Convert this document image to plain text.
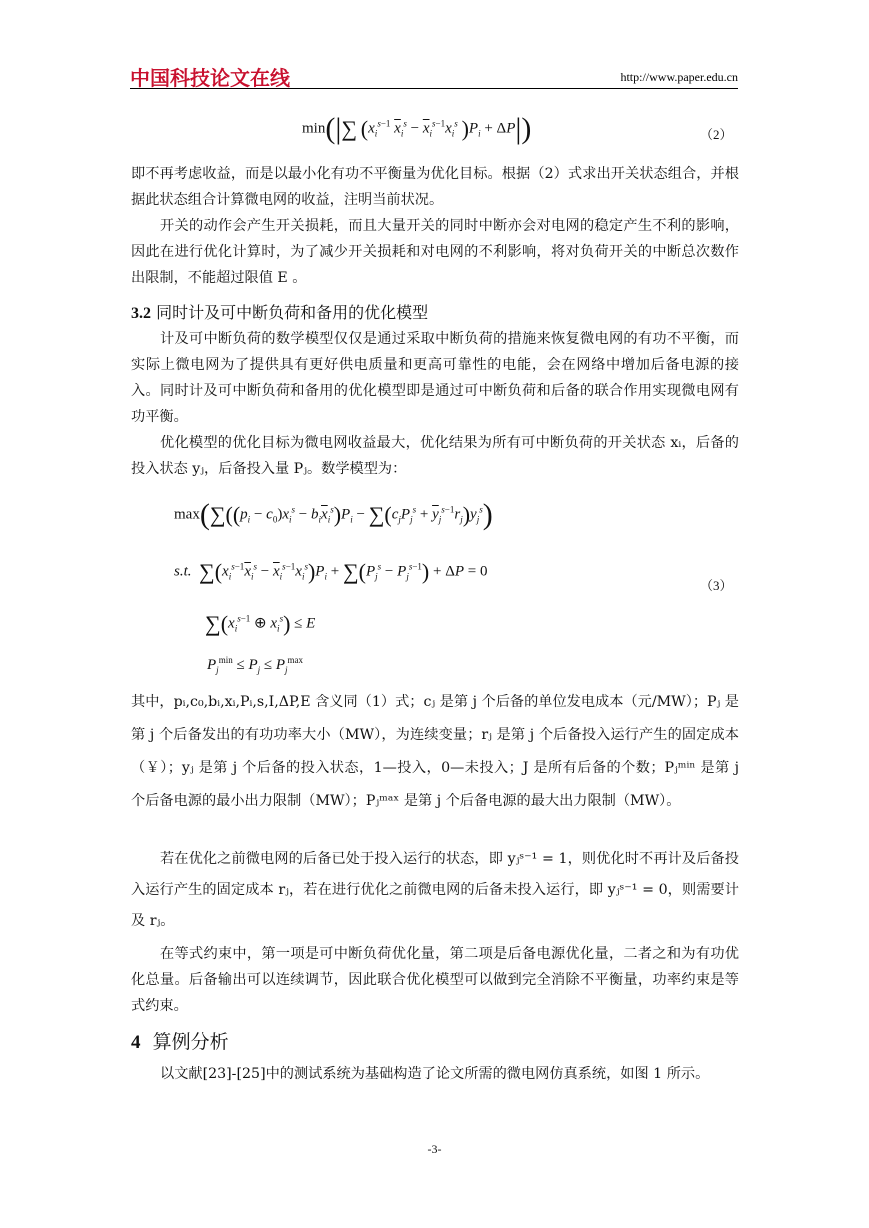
中国科技论文在线	http://www.paper.edu.cn
min(|∑ ($x_i^{s-1}$ $\overline{x}_i^s - \overline{x}_i^{s-1}x_i^s$ )$P_i + \Delta P|$)	（2）
即不再考虑收益，而是以最小化有功不平衡量为优化目标。根据（2）式求出开关状态组合，并根据此状态组合计算微电网的收益，注明当前状况。
开关的动作会产生开关损耗，而且大量开关的同时中断亦会对电网的稳定产生不利的影响，因此在进行优化计算时，为了减少开关损耗和对电网的不利影响，将对负荷开关的中断总次数作出限制，不能超过限值 E 。
3.2 同时计及可中断负荷和备用的优化模型
计及可中断负荷的数学模型仅仅是通过采取中断负荷的措施来恢复微电网的有功不平衡，而实际上微电网为了提供具有更好供电质量和更高可靠性的电能，会在网络中增加后备电源的接入。同时计及可中断负荷和备用的优化模型即是通过可中断负荷和后备的联合作用实现微电网有功平衡。
优化模型的优化目标为微电网收益最大，优化结果为所有可中断负荷的开关状态 xᵢ，后备的投入状态 yⱼ，后备投入量 Pⱼ。数学模型为：
$\max(\sum((p_i - c_0)x_i^s - b_i\overline{x}_i^s)P_i - \sum(c_jP_j^s + \overline{y}_j^{s-1}r_j)y_j^s)$
s.t. $\sum(x_i^{s-1}\overline{x}_i^s - \overline{x}_i^{s-1}x_i^s)P_i + \sum(P_j^s - P_j^{s-1}) + \Delta P = 0$
（3）
$\sum(x_i^{s-1}$ ⊕ $x_i^s) \le E$
$P_j^{min} \le P_j \le P_j^{max}$
其中，pᵢ,c₀,bᵢ,xᵢ,Pᵢ,s,I,ΔP,E 含义同（1）式；cⱼ 是第 j 个后备的单位发电成本（元/MW）；Pⱼ 是第 j 个后备发出的有功功率大小（MW），为连续变量；rⱼ 是第 j 个后备投入运行产生的固定成本（￥）；yⱼ 是第 j 个后备的投入状态，1—投入，0—未投入；J 是所有后备的个数；Pⱼᵐⁱⁿ 是第 j 个后备电源的最小出力限制（MW）；Pⱼᵐᵃˣ 是第 j 个后备电源的最大出力限制（MW）。
若在优化之前微电网的后备已处于投入运行的状态，即 yⱼˢ⁻¹ = 1，则优化时不再计及后备投入运行产生的固定成本 rⱼ，若在进行优化之前微电网的后备未投入运行，即 yⱼˢ⁻¹ = 0，则需要计及 rⱼ。
在等式约束中，第一项是可中断负荷优化量，第二项是后备电源优化量，二者之和为有功优化总量。后备输出可以连续调节，因此联合优化模型可以做到完全消除不平衡量，功率约束是等式约束。
4 算例分析
以文献[23]-[25]中的测试系统为基础构造了论文所需的微电网仿真系统，如图 1 所示。
-3-
